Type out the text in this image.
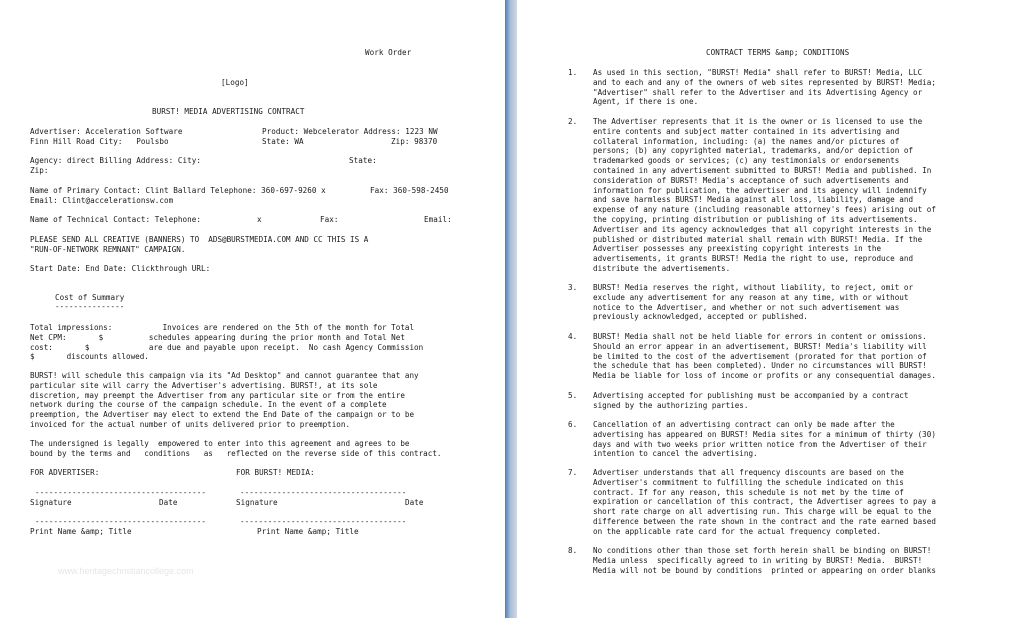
Work Order
[Logo]
BURST! MEDIA ADVERTISING CONTRACT
Advertiser: Acceleration Software	Product: Webcelerator Address: 1223 NW
Finn Hill Road City:   Poulsbo	State: WA	Zip: 98370
Agency: direct Billing Address: City:	State:
Zip:
Name of Primary Contact: Clint Ballard Telephone: 360-697-9260 x	Fax: 360-598-2450
Email: Clint@accelerationsw.com
Name of Technical Contact: Telephone:	x	Fax:	Email:
PLEASE SEND ALL CREATIVE (BANNERS) TO  ADS@BURSTMEDIA.COM AND CC THIS IS A
"RUN-OF-NETWORK REMNANT" CAMPAIGN.
Start Date: End Date: Clickthrough URL:
Cost of Summary
---------------
Total impressions:           Invoices are rendered on the 5th of the month for Total
Net CPM:       $          schedules appearing during the prior month and Total Net
cost:       $             are due and payable upon receipt.  No cash Agency Commission
$       discounts allowed.
BURST! will schedule this campaign via its "Ad Desktop" and cannot guarantee that any
particular site will carry the Advertiser's advertising. BURST!, at its sole
discretion, may preempt the Advertiser from any particular site or from the entire
network during the course of the campaign schedule. In the event of a complete
preemption, the Advertiser may elect to extend the End Date of the campaign or to be
invoiced for the actual number of units delivered prior to preemption.
The undersigned is legally  empowered to enter into this agreement and agrees to be
bound by the terms and   conditions   as   reflected on the reverse side of this contract.
FOR ADVERTISER:	FOR BURST! MEDIA:
-------------------------------------	------------------------------------
Signature	Date	Signature	Date
-------------------------------------	------------------------------------
Print Name &amp; Title	Print Name &amp; Title
www.heritagechristiancollege.com
CONTRACT TERMS &amp; CONDITIONS
1. As used in this section, "BURST! Media" shall refer to BURST! Media, LLC
and to each and any of the owners of web sites represented by BURST! Media;
"Advertiser" shall refer to the Advertiser and its Advertising Agency or
Agent, if there is one.
2. The Advertiser represents that it is the owner or is licensed to use the
entire contents and subject matter contained in its advertising and
collateral information, including: (a) the names and/or pictures of
persons; (b) any copyrighted material, trademarks, and/or depiction of
trademarked goods or services; (c) any testimonials or endorsements
contained in any advertisement submitted to BURST! Media and published. In
consideration of BURST! Media's acceptance of such advertisements and
information for publication, the advertiser and its agency will indemnify
and save harmless BURST! Media against all loss, liability, damage and
expense of any nature (including reasonable attorney's fees) arising out of
the copying, printing distribution or publishing of its advertisements.
Advertiser and its agency acknowledges that all copyright interests in the
published or distributed material shall remain with BURST! Media. If the
Advertiser possesses any preexisting copyright interests in the
advertisements, it grants BURST! Media the right to use, reproduce and
distribute the advertisements.
3. BURST! Media reserves the right, without liability, to reject, omit or
exclude any advertisement for any reason at any time, with or without
notice to the Advertiser, and whether or not such advertisement was
previously acknowledged, accepted or published.
4. BURST! Media shall not be held liable for errors in content or omissions.
Should an error appear in an advertisement, BURST! Media's liability will
be limited to the cost of the advertisement (prorated for that portion of
the schedule that has been completed). Under no circumstances will BURST!
Media be liable for loss of income or profits or any consequential damages.
5. Advertising accepted for publishing must be accompanied by a contract
signed by the authorizing parties.
6. Cancellation of an advertising contract can only be made after the
advertising has appeared on BURST! Media sites for a minimum of thirty (30)
days and with two weeks prior written notice from the Advertiser of their
intention to cancel the advertising.
7. Advertiser understands that all frequency discounts are based on the
Advertiser's commitment to fulfilling the schedule indicated on this
contract. If for any reason, this schedule is not met by the time of
expiration or cancellation of this contract, the Advertiser agrees to pay a
short rate charge on all advertising run. This charge will be equal to the
difference between the rate shown in the contract and the rate earned based
on the applicable rate card for the actual frequency completed.
8. No conditions other than those set forth herein shall be binding on BURST!
Media unless  specifically agreed to in writing by BURST! Media.  BURST!
Media will not be bound by conditions  printed or appearing on order blanks
